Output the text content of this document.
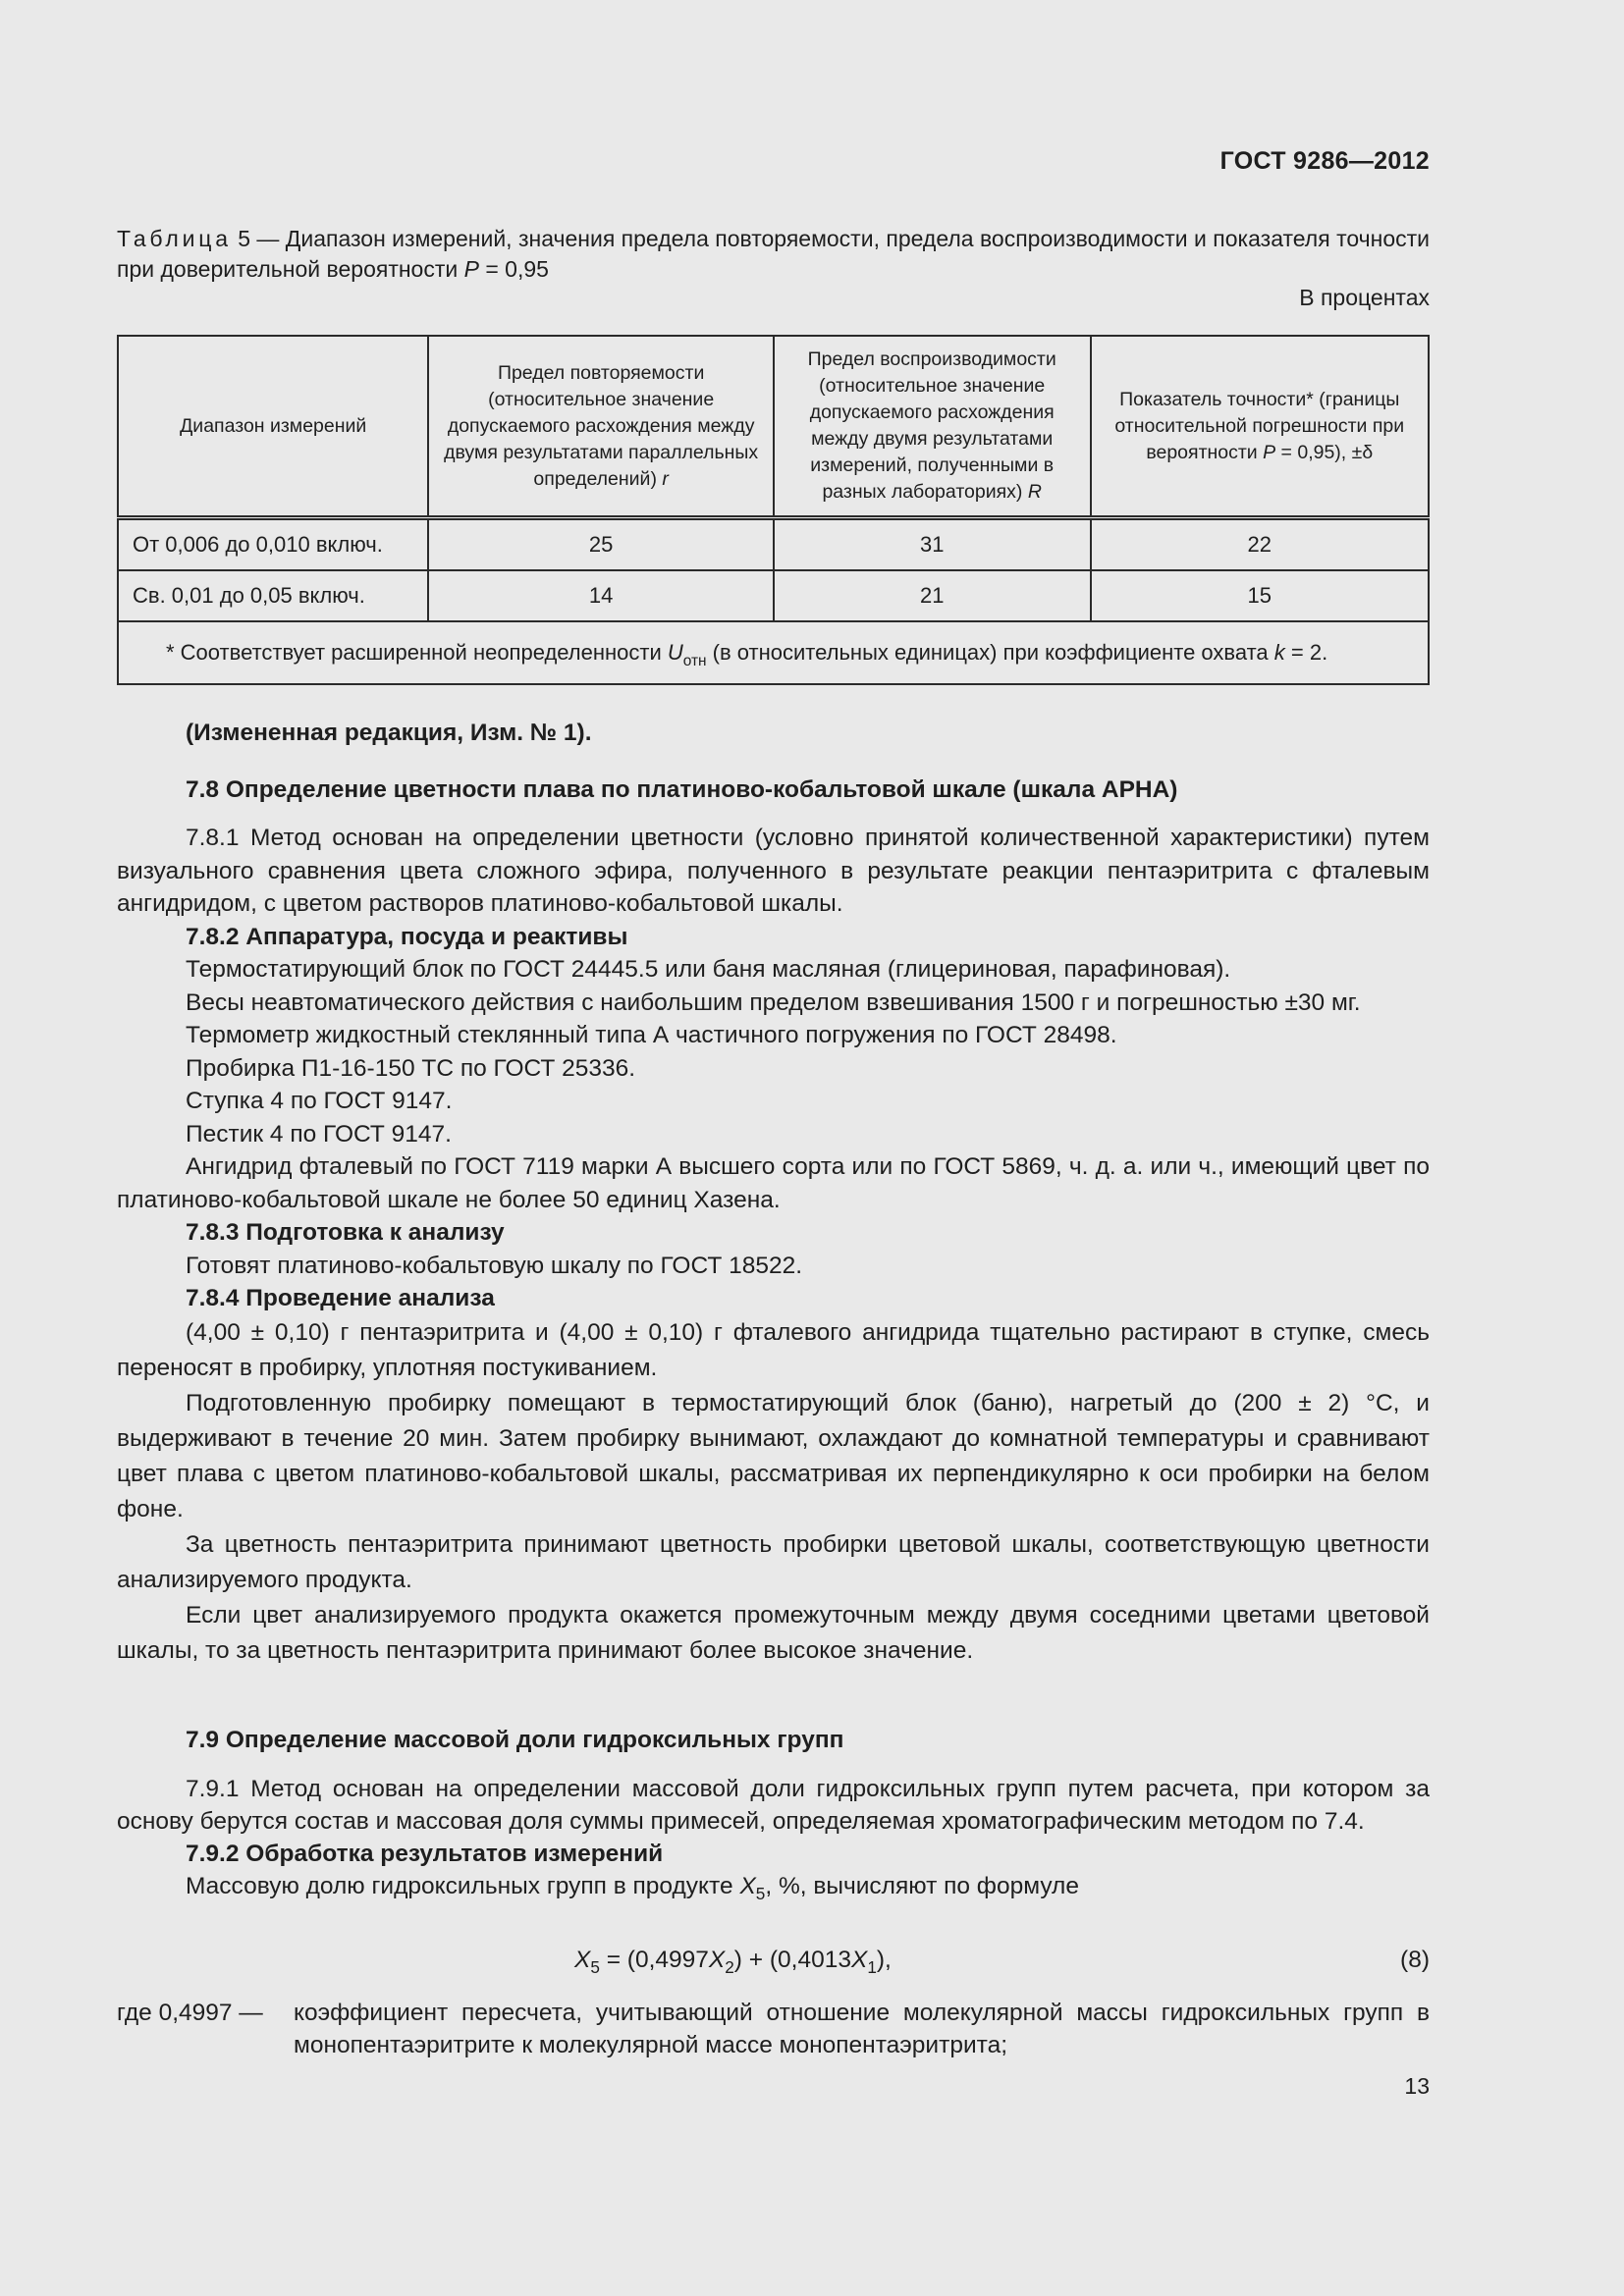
ГОСТ 9286—2012
Таблица 5 — Диапазон измерений, значения предела повторяемости, предела воспроизводимости и показателя точности при доверительной вероятности P = 0,95
В процентах
Диапазон измерений	Предел повторяемости (относительное значение допускаемого расхождения между двумя результатами параллельных определений) r	Предел воспроизводимости (относительное значение допускаемого расхождения между двумя результатами измерений, полученными в разных лабораториях) R	Показатель точности* (границы относительной погрешности при вероятности P = 0,95), ±δ
От 0,006 до 0,010 включ.	25	31	22
Св. 0,01 до 0,05 включ.	14	21	15
* Соответствует расширенной неопределенности $U_{отн}$ (в относительных единицах) при коэффициенте охвата k = 2.			
(Измененная редакция, Изм. № 1).
7.8 Определение цветности плава по платиново-кобальтовой шкале (шкала APHA)
7.8.1 Метод основан на определении цветности (условно принятой количественной характеристики) путем визуального сравнения цвета сложного эфира, полученного в результате реакции пентаэритрита с фталевым ангидридом, с цветом растворов платиново-кобальтовой шкалы.
7.8.2 Аппаратура, посуда и реактивы
Термостатирующий блок по ГОСТ 24445.5 или баня масляная (глицериновая, парафиновая).
Весы неавтоматического действия с наибольшим пределом взвешивания 1500 г и погрешностью ±30 мг.
Термометр жидкостный стеклянный типа А частичного погружения по ГОСТ 28498.
Пробирка П1-16-150 ТС по ГОСТ 25336.
Ступка 4 по ГОСТ 9147.
Пестик 4 по ГОСТ 9147.
Ангидрид фталевый по ГОСТ 7119 марки А высшего сорта или по ГОСТ 5869, ч. д. а. или ч., имеющий цвет по платиново-кобальтовой шкале не более 50 единиц Хазена.
7.8.3 Подготовка к анализу
Готовят платиново-кобальтовую шкалу по ГОСТ 18522.
7.8.4 Проведение анализа
(4,00 ± 0,10) г пентаэритрита и (4,00 ± 0,10) г фталевого ангидрида тщательно растирают в ступке, смесь переносят в пробирку, уплотняя постукиванием.
Подготовленную пробирку помещают в термостатирующий блок (баню), нагретый до (200 ± 2) °С, и выдерживают в течение 20 мин. Затем пробирку вынимают, охлаждают до комнатной температуры и сравнивают цвет плава с цветом платиново-кобальтовой шкалы, рассматривая их перпендикулярно к оси пробирки на белом фоне.
За цветность пентаэритрита принимают цветность пробирки цветовой шкалы, соответствующую цветности анализируемого продукта.
Если цвет анализируемого продукта окажется промежуточным между двумя соседними цветами цветовой шкалы, то за цветность пентаэритрита принимают более высокое значение.
7.9 Определение массовой доли гидроксильных групп
7.9.1 Метод основан на определении массовой доли гидроксильных групп путем расчета, при котором за основу берутся состав и массовая доля суммы примесей, определяемая хроматографическим методом по 7.4.
7.9.2 Обработка результатов измерений
Массовую долю гидроксильных групп в продукте $X_5$, %, вычисляют по формуле
$X_5 = (0,4997X_2) + (0,4013X_1)$,	(8)
где 0,4997 — коэффициент пересчета, учитывающий отношение молекулярной массы гидроксильных групп в монопентаэритрите к молекулярной массе монопентаэритрита;
13
